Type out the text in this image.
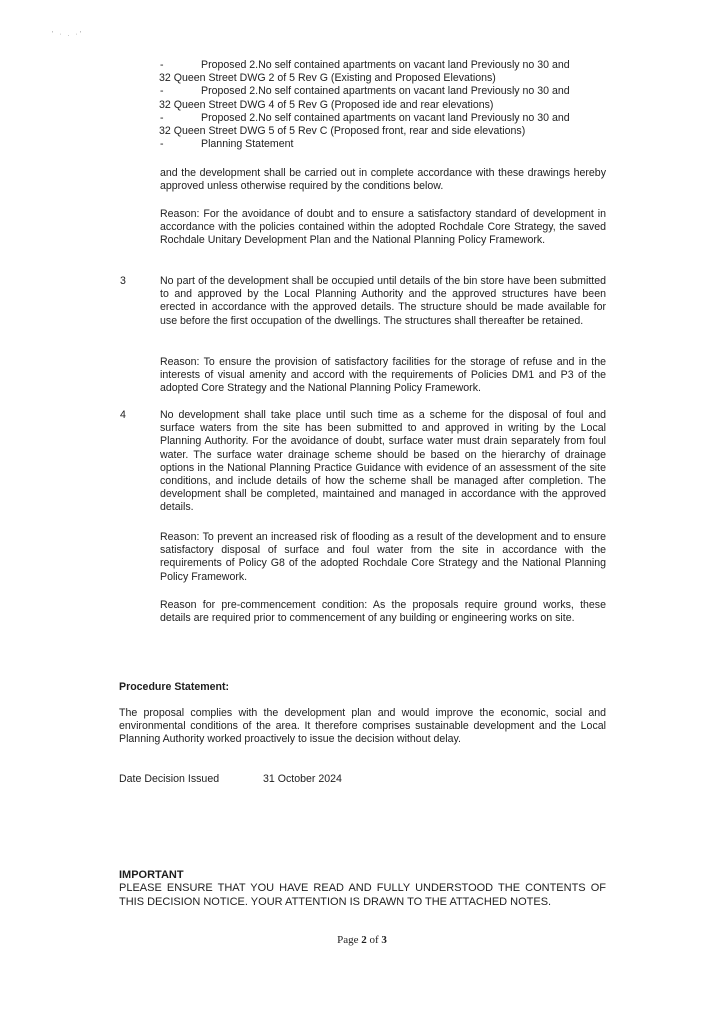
' · . ·'
-	Proposed 2.No self contained apartments on vacant land Previously no 30 and
32 Queen Street DWG 2 of 5 Rev G (Existing and Proposed Elevations)
-	Proposed 2.No self contained apartments on vacant land Previously no 30 and
32 Queen Street DWG 4 of 5 Rev G (Proposed ide and rear elevations)
-	Proposed 2.No self contained apartments on vacant land Previously no 30 and
32 Queen Street DWG 5 of 5 Rev C (Proposed front, rear and side elevations)
-	Planning Statement

and the development shall be carried out in complete accordance with these drawings hereby approved unless otherwise required by the conditions below.

Reason: For the avoidance of doubt and to ensure a satisfactory standard of development in accordance with the policies contained within the adopted Rochdale Core Strategy, the saved Rochdale Unitary Development Plan and the National Planning Policy Framework.

3	No part of the development shall be occupied until details of the bin store have been submitted to and approved by the Local Planning Authority and the approved structures have been erected in accordance with the approved details. The structure should be made available for use before the first occupation of the dwellings. The structures shall thereafter be retained.

Reason: To ensure the provision of satisfactory facilities for the storage of refuse and in the interests of visual amenity and accord with the requirements of Policies DM1 and P3 of the adopted Core Strategy and the National Planning Policy Framework.

4	No development shall take place until such time as a scheme for the disposal of foul and surface waters from the site has been submitted to and approved in writing by the Local Planning Authority. For the avoidance of doubt, surface water must drain separately from foul water. The surface water drainage scheme should be based on the hierarchy of drainage options in the National Planning Practice Guidance with evidence of an assessment of the site conditions, and include details of how the scheme shall be managed after completion. The development shall be completed, maintained and managed in accordance with the approved details.

Reason: To prevent an increased risk of flooding as a result of the development and to ensure satisfactory disposal of surface and foul water from the site in accordance with the requirements of Policy G8 of the adopted Rochdale Core Strategy and the National Planning Policy Framework.

Reason for pre-commencement condition: As the proposals require ground works, these details are required prior to commencement of any building or engineering works on site.

Procedure Statement:

The proposal complies with the development plan and would improve the economic, social and environmental conditions of the area. It therefore comprises sustainable development and the Local Planning Authority worked proactively to issue the decision without delay.

Date Decision Issued	31 October 2024
IMPORTANT

PLEASE ENSURE THAT YOU HAVE READ AND FULLY UNDERSTOOD THE CONTENTS OF THIS DECISION NOTICE. YOUR ATTENTION IS DRAWN TO THE ATTACHED NOTES.

Page 2 of 3
